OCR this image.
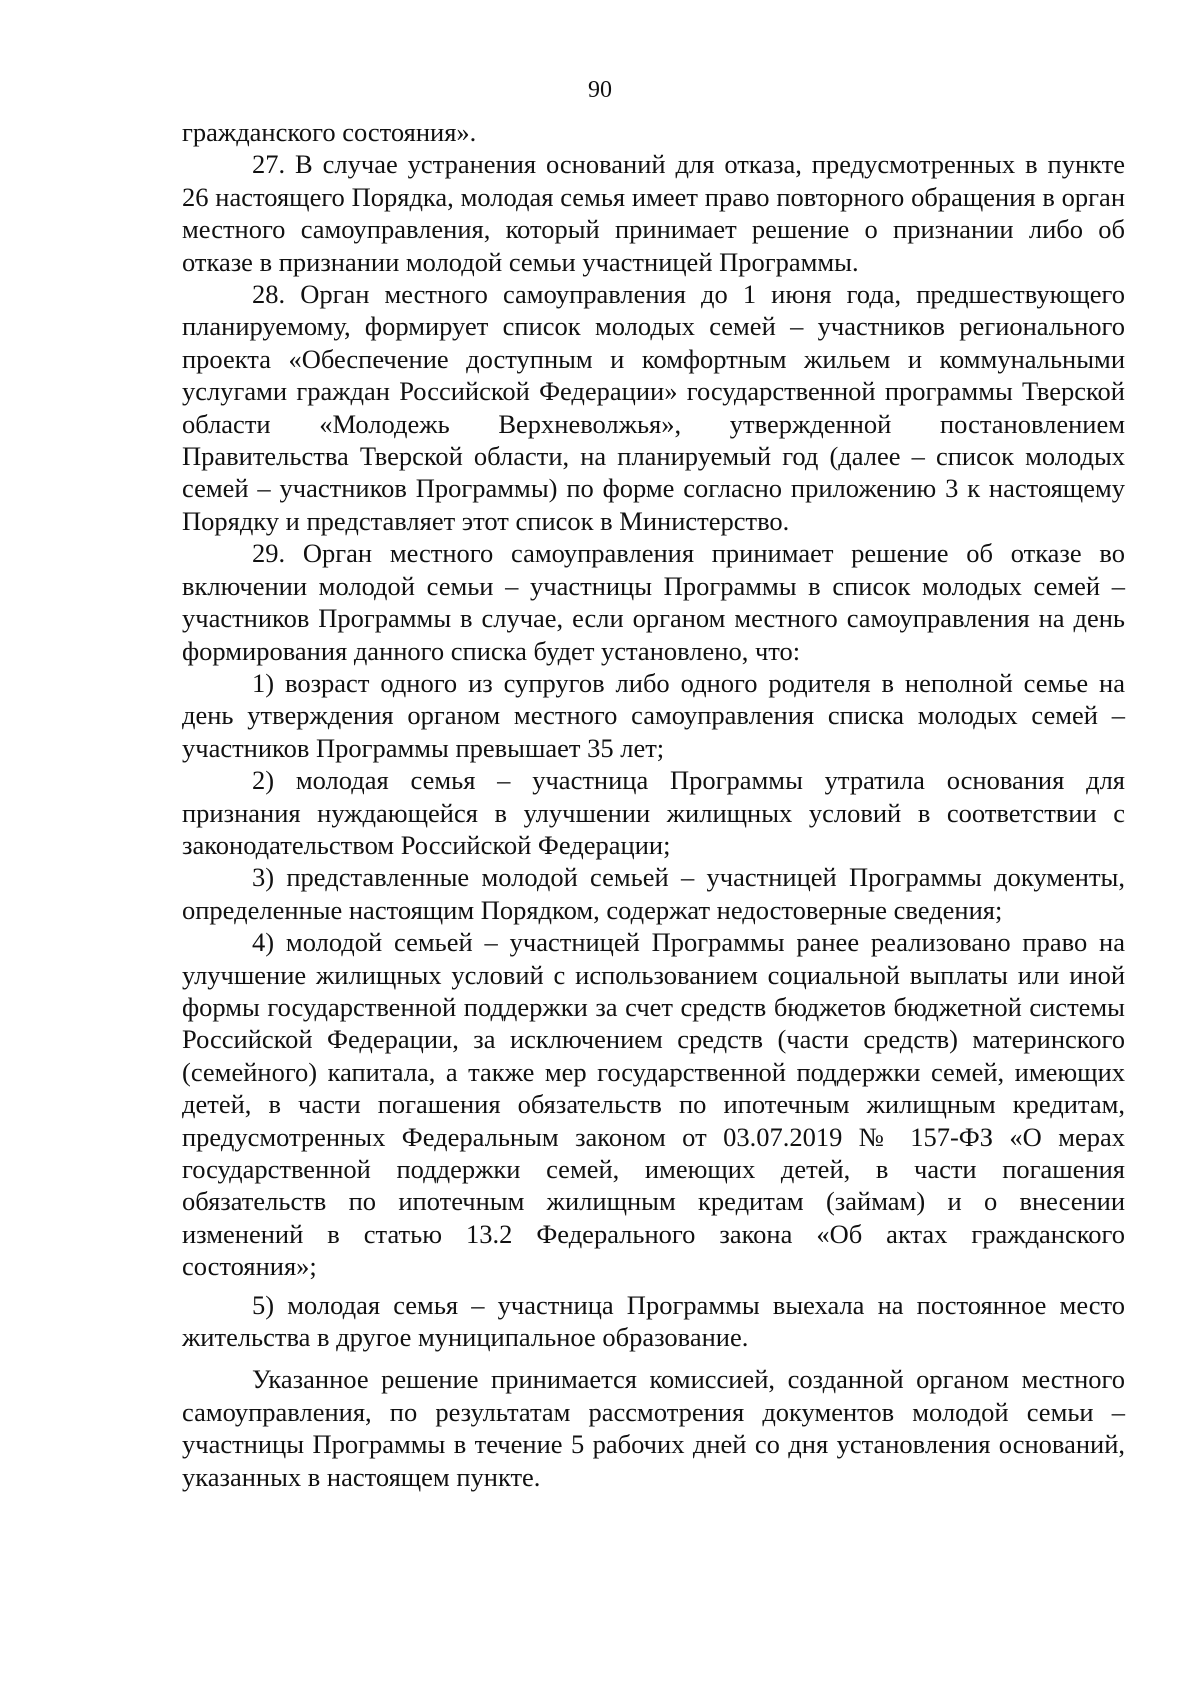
90

гражданского состояния».

27. В случае устранения оснований для отказа, предусмотренных в пункте 26 настоящего Порядка, молодая семья имеет право повторного обращения в орган местного самоуправления, который принимает решение о признании либо об отказе в признании молодой семьи участницей Программы.

28. Орган местного самоуправления до 1 июня года, предшествующего планируемому, формирует список молодых семей – участников регионального проекта «Обеспечение доступным и комфортным жильем и коммунальными услугами граждан Российской Федерации» государственной программы Тверской области «Молодежь Верхневолжья», утвержденной постановлением Правительства Тверской области, на планируемый год (далее – список молодых семей – участников Программы) по форме согласно приложению 3 к настоящему Порядку и представляет этот список в Министерство.

29. Орган местного самоуправления принимает решение об отказе во включении молодой семьи – участницы Программы в список молодых семей – участников Программы в случае, если органом местного самоуправления на день формирования данного списка будет установлено, что:

1) возраст одного из супругов либо одного родителя в неполной семье на день утверждения органом местного самоуправления списка молодых семей – участников Программы превышает 35 лет;

2) молодая семья – участница Программы утратила основания для признания нуждающейся в улучшении жилищных условий в соответствии с законодательством Российской Федерации;

3) представленные молодой семьей – участницей Программы документы, определенные настоящим Порядком, содержат недостоверные сведения;

4) молодой семьей – участницей Программы ранее реализовано право на улучшение жилищных условий с использованием социальной выплаты или иной формы государственной поддержки за счет средств бюджетов бюджетной системы Российской Федерации, за исключением средств (части средств) материнского (семейного) капитала, а также мер государственной поддержки семей, имеющих детей, в части погашения обязательств по ипотечным жилищным кредитам, предусмотренных Федеральным законом от 03.07.2019 № 157-ФЗ «О мерах государственной поддержки семей, имеющих детей, в части погашения обязательств по ипотечным жилищным кредитам (займам) и о внесении изменений в статью 13.2 Федерального закона «Об актах гражданского состояния»;

5) молодая семья – участница Программы выехала на постоянное место жительства в другое муниципальное образование.

Указанное решение принимается комиссией, созданной органом местного самоуправления, по результатам рассмотрения документов молодой семьи – участницы Программы в течение 5 рабочих дней со дня установления оснований, указанных в настоящем пункте.
